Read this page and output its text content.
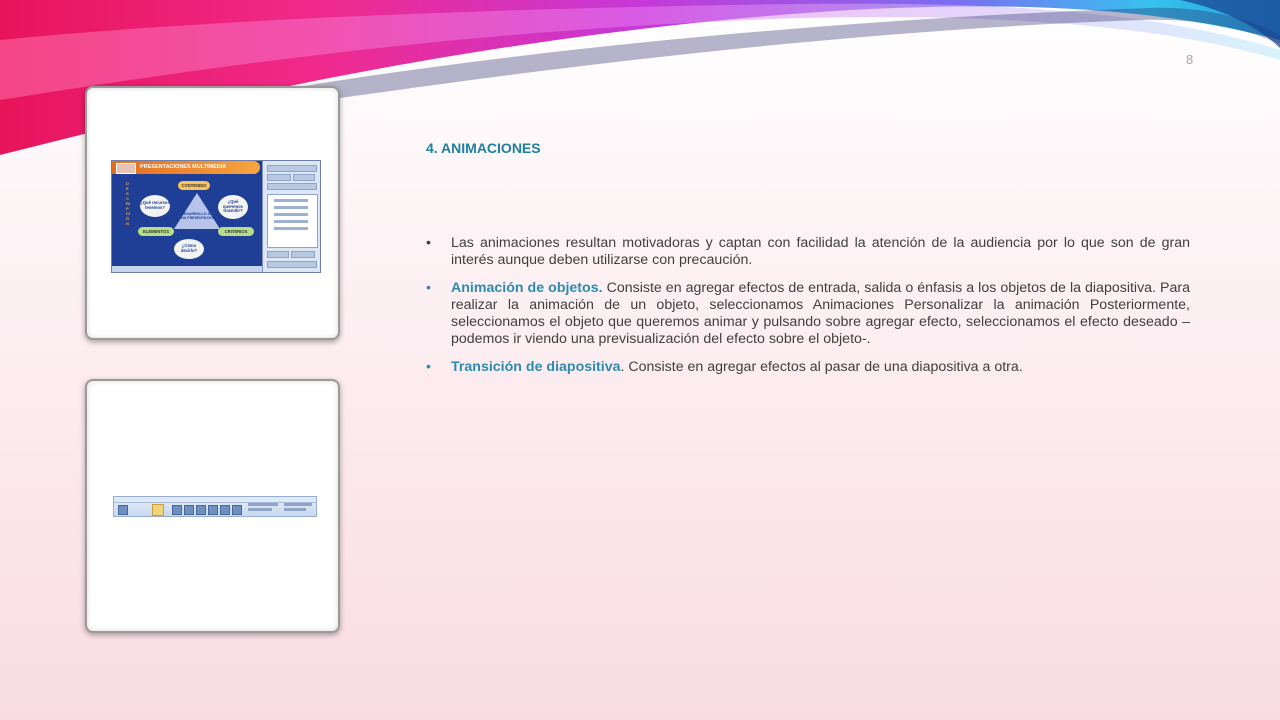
8
PRESENTACIONES MULTIMEDIA
DESCRIPCIÓN
CONTENIDO
¿Qué recursos tenemos?
¿Qué queremos trasmitir?
DESARROLLO DE UNA PRESENTACIÓN
ELEMENTOS	CRITERIOS
¿Cómo decirlo?
4. ANIMACIONES
• Las animaciones resultan motivadoras y captan con facilidad la atención de la audiencia por lo que son de gran interés aunque deben utilizarse con precaución.
• Animación de objetos. Consiste en agregar efectos de entrada, salida o énfasis a los objetos de la diapositiva. Para realizar la animación de un objeto, seleccionamos Animaciones Personalizar la animación Posteriormente, seleccionamos el objeto que queremos animar y pulsando sobre agregar efecto, seleccionamos el efecto deseado –podemos ir viendo una previsualización del efecto sobre el objeto-.
• Transición de diapositiva. Consiste en agregar efectos al pasar de una diapositiva a otra.
